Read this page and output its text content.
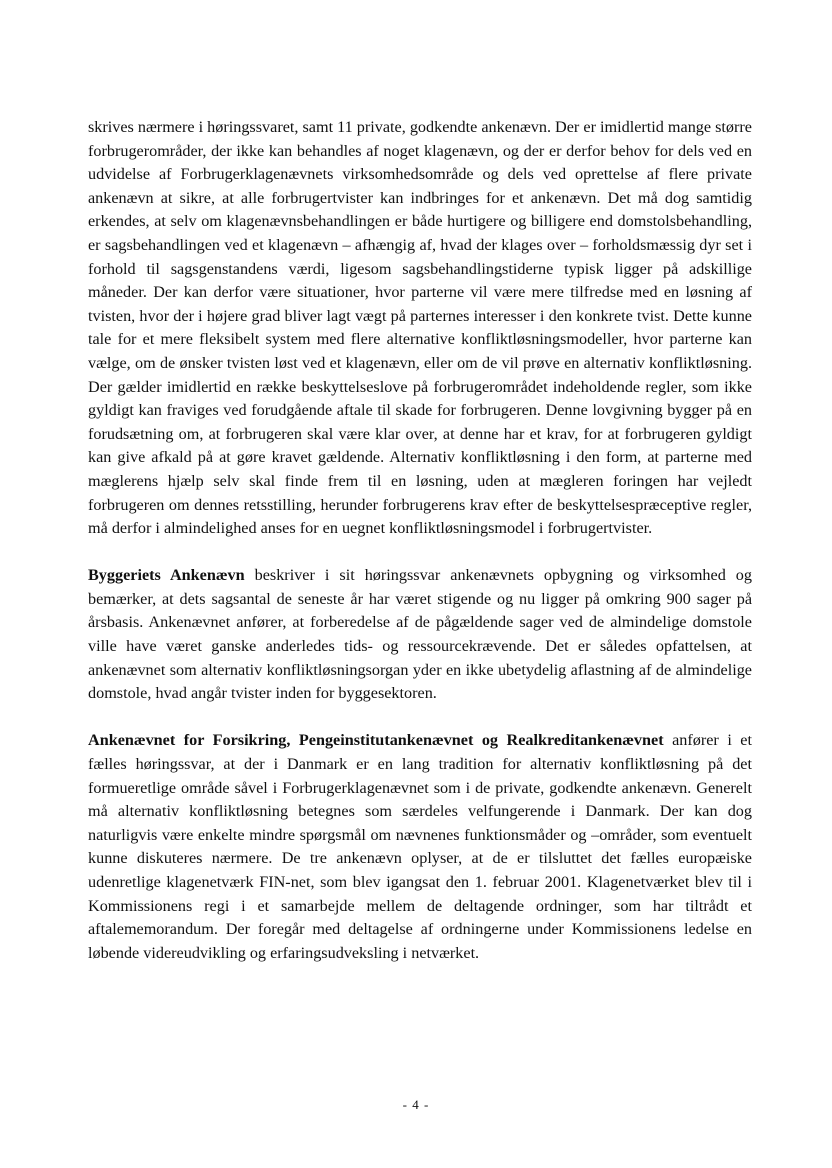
skrives nærmere i høringssvaret, samt 11 private, godkendte ankenævn. Der er imidlertid mange større forbrugerområder, der ikke kan behandles af noget klagenævn, og der er derfor behov for dels ved en udvidelse af Forbrugerklagenævnets virksomhedsområde og dels ved oprettelse af flere private ankenævn at sikre, at alle forbrugertvister kan indbringes for et ankenævn. Det må dog samtidig erkendes, at selv om klagenævnsbehandlingen er både hurtigere og billigere end domstolsbehandling, er sagsbehandlingen ved et klagenævn – afhængig af, hvad der klages over – forholdsmæssig dyr set i forhold til sagsgenstandens værdi, ligesom sagsbehandlingstiderne typisk ligger på adskillige måneder. Der kan derfor være situationer, hvor parterne vil være mere tilfredse med en løsning af tvisten, hvor der i højere grad bliver lagt vægt på parternes interesser i den konkrete tvist. Dette kunne tale for et mere fleksibelt system med flere alternative konfliktløsningsmodeller, hvor parterne kan vælge, om de ønsker tvisten løst ved et klagenævn, eller om de vil prøve en alternativ konfliktløsning. Der gælder imidlertid en række beskyttelseslove på forbrugerområdet indeholdende regler, som ikke gyldigt kan fraviges ved forudgående aftale til skade for forbrugeren. Denne lovgivning bygger på en forudsætning om, at forbrugeren skal være klar over, at denne har et krav, for at forbrugeren gyldigt kan give afkald på at gøre kravet gældende. Alternativ konfliktløsning i den form, at parterne med mæglerens hjælp selv skal finde frem til en løsning, uden at mægleren foringen har vejledt forbrugeren om dennes retsstilling, herunder forbrugerens krav efter de beskyttelsespræceptive regler, må derfor i almindelighed anses for en uegnet konfliktløsningsmodel i forbrugertvister.

Byggeriets Ankenævn beskriver i sit høringssvar ankenævnets opbygning og virksomhed og bemærker, at dets sagsantal de seneste år har været stigende og nu ligger på omkring 900 sager på årsbasis. Ankenævnet anfører, at forberedelse af de pågældende sager ved de almindelige domstole ville have været ganske anderledes tids- og ressourcekrævende. Det er således opfattelsen, at ankenævnet som alternativ konfliktløsningsorgan yder en ikke ubetydelig aflastning af de almindelige domstole, hvad angår tvister inden for byggesektoren.

Ankenævnet for Forsikring, Pengeinstitutankenævnet og Realkreditankenævnet anfører i et fælles høringssvar, at der i Danmark er en lang tradition for alternativ konfliktløsning på det formueretlige område såvel i Forbrugerklagenævnet som i de private, godkendte ankenævn. Generelt må alternativ konfliktløsning betegnes som særdeles velfungerende i Danmark. Der kan dog naturligvis være enkelte mindre spørgsmål om nævnenes funktionsmåder og –områder, som eventuelt kunne diskuteres nærmere. De tre ankenævn oplyser, at de er tilsluttet det fælles europæiske udenretlige klagenetværk FIN-net, som blev igangsat den 1. februar 2001. Klagenetværket blev til i Kommissionens regi i et samarbejde mellem de deltagende ordninger, som har tiltrådt et aftalememorandum. Der foregår med deltagelse af ordningerne under Kommissionens ledelse en løbende videreudvikling og erfaringsudveksling i netværket.

- 4 -
